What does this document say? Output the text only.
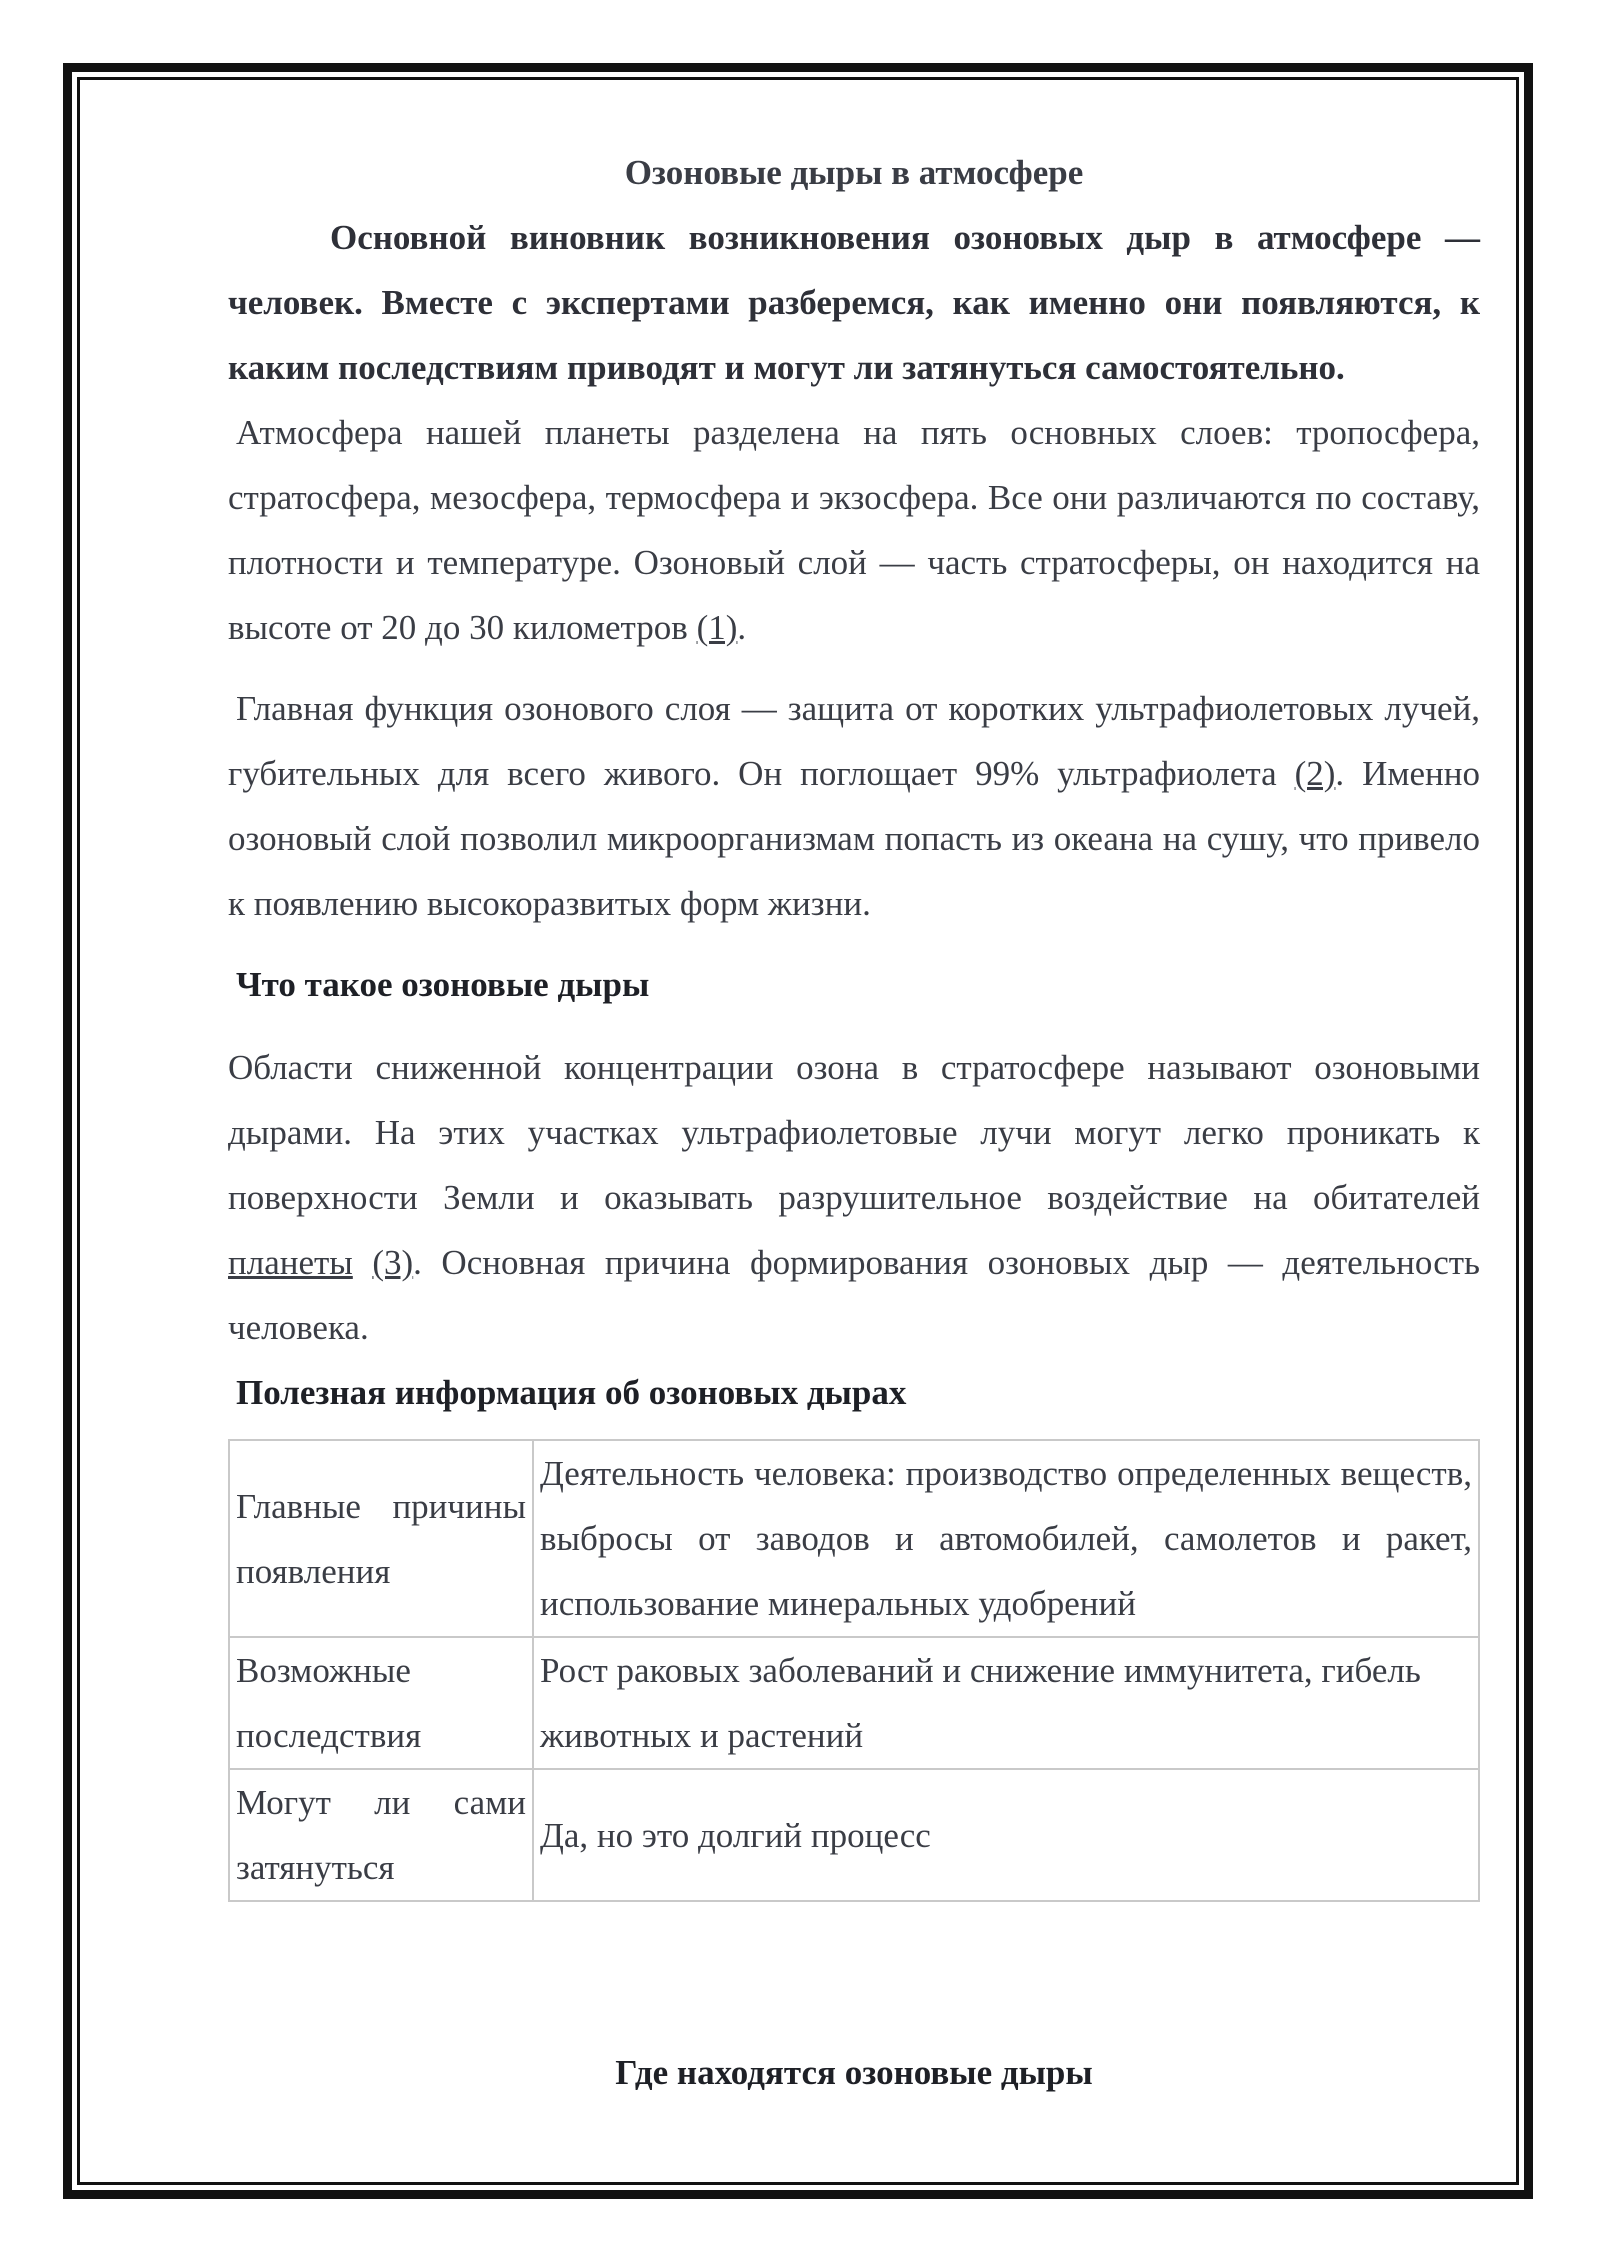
Озоновые дыры в атмосфере

Основной виновник возникновения озоновых дыр в атмосфере — человек. Вместе с экспертами разберемся, как именно они появляются, к каким последствиям приводят и могут ли затянуться самостоятельно.

Атмосфера нашей планеты разделена на пять основных слоев: тропосфера, стратосфера, мезосфера, термосфера и экзосфера. Все они различаются по составу, плотности и температуре. Озоновый слой — часть стратосферы, он находится на высоте от 20 до 30 километров (1).

Главная функция озонового слоя — защита от коротких ультрафиолетовых лучей, губительных для всего живого. Он поглощает 99% ультрафиолета (2). Именно озоновый слой позволил микроорганизмам попасть из океана на сушу, что привело к появлению высокоразвитых форм жизни.

Что такое озоновые дыры

Области сниженной концентрации озона в стратосфере называют озоновыми дырами. На этих участках ультрафиолетовые лучи могут легко проникать к поверхности Земли и оказывать разрушительное воздействие на обитателей планеты (3). Основная причина формирования озоновых дыр — деятельность человека.

Полезная информация об озоновых дырах

Главные причины появления	Деятельность человека: производство определенных веществ, выбросы от заводов и автомобилей, самолетов и ракет, использование минеральных удобрений
Возможные последствия	Рост раковых заболеваний и снижение иммунитета, гибель животных и растений
Могут ли сами затянуться	Да, но это долгий процесс
Где находятся озоновые дыры
